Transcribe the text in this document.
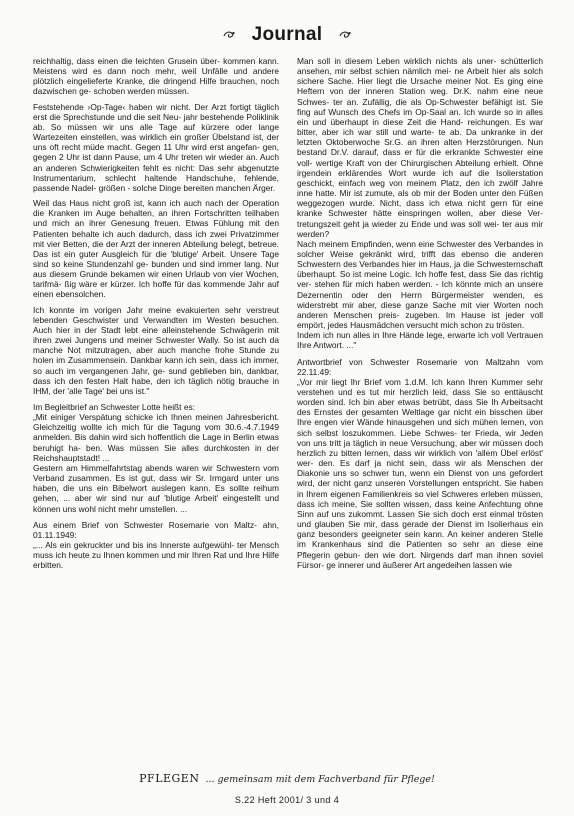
Journal

reichhaltig, dass einen die leichten Grusein über- kommen kann. Meistens wird es dann noch mehr, weil Unfälle und andere plötzlich eingelieferte Kranke, die dringend Hilfe brauchen, noch dazwischen ge- schoben werden müssen.

Feststehende ›Op-Tage‹ haben wir nicht. Der Arzt fortigt täglich erst die Sprechstunde und die seit Neu- jahr bestehende Poliklinik ab. So müssen wir uns alle Tage auf kürzere oder lange Wartezeiten einstellen, was wirklich ein großer Übelstand ist, der uns oft recht müde macht. Gegen 11 Uhr wird erst angefan- gen, gegen 2 Uhr ist dann Pause, um 4 Uhr treten wir wieder an. Auch an anderen Schwierigkeiten fehlt es nicht: Das sehr abgenutzte Instrumentarium, schlecht haltende Handschuhe, fehlende, passende Nadel- größen - solche Dinge bereiten manchen Ärger.

Weil das Haus nicht groß ist, kann ich auch nach der Operation die Kranken im Auge behalten, an ihren Fortschritten teilhaben und mich an ihrer Genesung freuen. Etwas Fühlung mit den Patienten behalte ich auch dadurch, dass ich zwei Privatzimmer mit vier Betten, die der Arzt der inneren Abteilung belegt, betreue. Das ist ein guter Ausgleich für die 'blutige' Arbeit. Unsere Tage sind so keine Stundenzahl ge- bunden und sind immer lang. Nur aus diesem Grunde bekamen wir einen Urlaub von vier Wochen, tarifmä- ßig wäre er kürzer. Ich hoffe für das kommende Jahr auf einen ebensolchen.

Ich konnte im vorigen Jahr meine evakuierten sehr verstreut lebenden Geschwister und Verwandten im Westen besuchen. Auch hier in der Stadt lebt eine alleinstehende Schwägerin mit ihren zwei Jungens und meiner Schwester Wally. So ist auch da manche Not mitzutragen, aber auch manche frohe Stunde zu holen im Zusammensein. Dankbar kann ich sein, dass ich immer, so auch im vergangenen Jahr, ge- sund geblieben bin, dankbar, dass ich den festen Halt habe, den ich täglich nötig brauche in IHM, der 'alle Tage' bei uns ist."

Im Begleitbrief an Schwester Lotte heißt es:

„Mit einiger Verspätung schicke ich Ihnen meinen Jahresbericht. Gleichzeitig wollte ich mich für die Tagung vom 30.6.-4.7.1949 anmelden. Bis dahin wird sich hoffentlich die Lage in Berlin etwas beruhigt ha- ben. Was müssen Sie alles durchkosten in der Reichshauptstadt! ...

Gestern am Himmelfahrtstag abends waren wir Schwestern vom Verband zusammen. Es ist gut, dass wir Sr. Irmgard unter uns haben, die uns ein Bibelwort auslegen kann. Es sollte reihum gehen, ... aber wir sind nur auf 'blutige Arbeit' eingestellt und können uns wohl nicht mehr umstellen. ...

Aus einem Brief von Schwester Rosemarie von Maltz- ahn, 01.11.1949:

„... Als ein gekruckter und bis ins Innerste aufgewühl- ter Mensch muss ich heute zu Ihnen kommen und mir Ihren Rat und Ihre Hilfe erbitten.

Man soll in diesem Leben wirklich nichts als uner- schütterlich ansehen, mir selbst schien nämlich mei- ne Arbeit hier als solch sichere Sache. Hier liegt die Ursache meiner Not. Es ging eine Heftern von der inneren Station weg. Dr.K. nahm eine neue Schwes- ter an. Zufällig, die als Op-Schwester befähigt ist. Sie fing auf Wunsch des Chefs im Op-Saal an. Ich wurde so in alles ein und überhaupt in diese Zeit die Hand- reichungen. Es war bitter, aber ich war still und warte- te ab. Da unkranke in der letzten Oktoberwoche Sr.G. an ihren alten Herzstörungen. Nun bestand Dr.V. darauf, dass er für die erkrankte Schwester eine voll- wertige Kraft von der Chirurgischen Abteilung erhielt. Ohne irgendein erklärendes Wort wurde ich auf die Isolierstation geschickt, einfach weg von meinem Platz, den ich zwölf Jahre inne hatte. Mir ist zumute, als ob mir der Boden unter den Füßen weggezogen wurde. Nicht, dass ich etwa nicht gern für eine kranke Schwester hätte einspringen wollen, aber diese Ver- tretungszeit geht ja wieder zu Ende und was soll wei- ter aus mir werden?

Nach meinem Empfinden, wenn eine Schwester des Verbandes in solcher Weise gekränkt wird, trifft das ebenso die anderen Schwestern des Verbandes hier im Haus, ja die Schwesternschaft überhaupt. So ist meine Logic. Ich hoffe fest, dass Sie das richtig ver- stehen für mich haben werden. - Ich könnte mich an unsere Dezernentin oder den Herrn Bürgermeister wenden, es widerstrebt mir aber, diese ganze Sache mit vier Worten noch anderen Menschen preis- zugeben. Im Hause ist jeder voll empört, jedes Hausmädchen versucht mich schon zu trösten.

Indem ich nun alles in Ihre Hände lege, erwarte ich voll Vertrauen Ihre Antwort. ..."

Antwortbrief von Schwester Rosemarie von Maltzahn vom 22.11.49:

„Vor mir liegt Ihr Brief vom 1.d.M. Ich kann Ihren Kummer sehr verstehen und es tut mir herzlich leid, dass Sie so enttäuscht worden sind. Ich bin aber etwas betrübt, dass Sie Ih Arbeitsacht des Ernstes der gesamten Weltlage gar nicht ein bisschen über Ihre engen vier Wände hinausgehen und sich mühen lernen, von sich selbst loszukommen. Liebe Schwes- ter Frieda, wir Jeden von uns tritt ja täglich in neue Versuchung, aber wir müssen doch herzlich zu bitten lernen, dass wir wirklich von 'allem Übel erlöst' wer- den. Es darf ja nicht sein, dass wir als Menschen der Diakonie uns so schwer tun, wenn ein Dienst von uns gefordert wird, der nicht ganz unseren Vorstellungen entspricht. Sie haben in Ihrem eigenen Familienkreis so viel Schweres erleben müssen, dass ich meine, Sie sollten wissen, dass keine Anfechtung ohne Sinn auf uns zukommt. Lassen Sie sich doch erst einmal trösten und glauben Sie mir, dass gerade der Dienst im Isolierhaus ein ganz besonders geeigneter sein kann. An keiner anderen Stelle im Krankenhaus sind die Patienten so sehr an diese eine Pflegerin gebun- den wie dort. Nirgends darf man ihnen soviel Fürsor- ge innerer und äußerer Art angedeihen lassen wie

PFLEGEN ... gemeinsam mit dem Fachverband für Pflege!
S.22 Heft 2001/ 3 und 4
